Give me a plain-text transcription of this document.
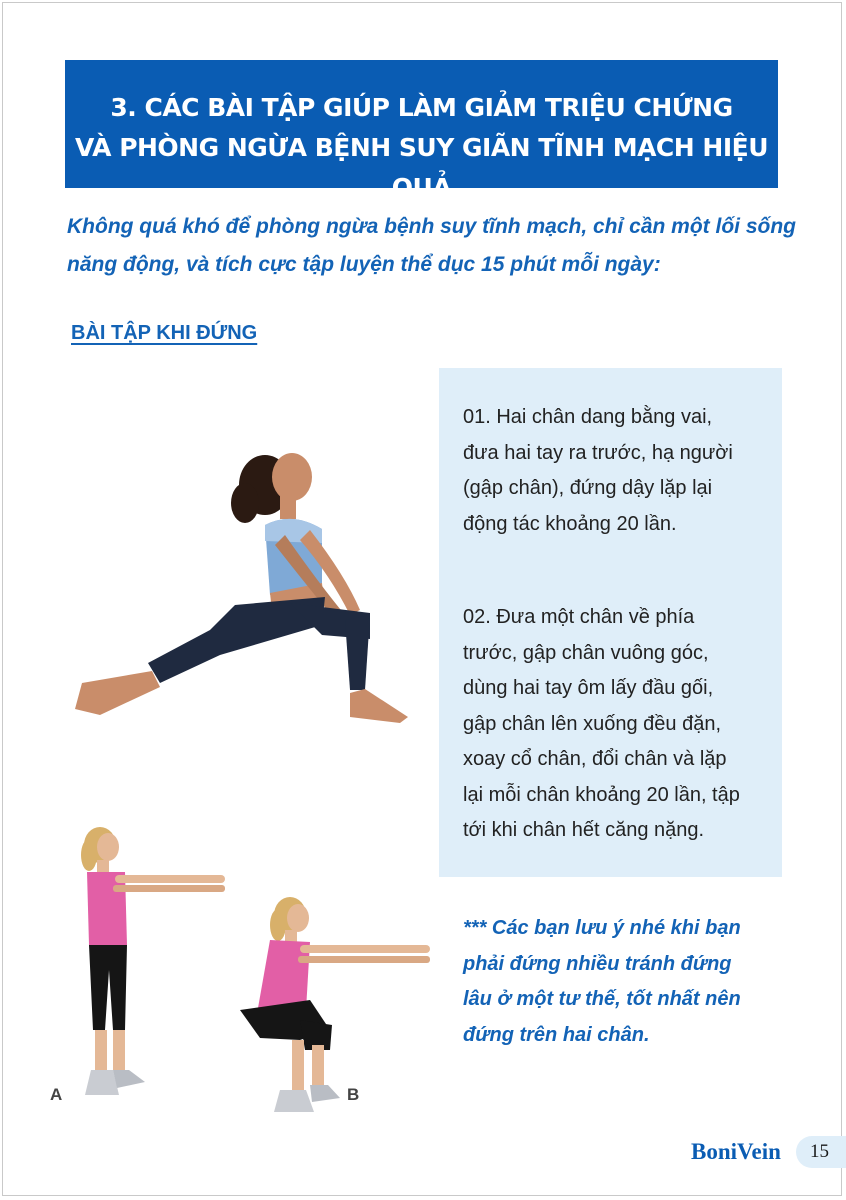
3. CÁC BÀI TẬP GIÚP LÀM GIẢM TRIỆU CHỨNG
VÀ PHÒNG NGỪA BỆNH SUY GIÃN TĨNH MẠCH HIỆU QUẢ
Không quá khó để phòng ngừa bệnh suy tĩnh mạch, chỉ cần một lối sống
năng động, và tích cực tập luyện thể dục 15 phút mỗi ngày:
BÀI TẬP KHI ĐỨNG
01. Hai chân dang bằng vai,
đưa hai tay ra trước, hạ người
(gập chân), đứng dậy lặp lại
động tác khoảng 20 lần.
02. Đưa một chân về phía
trước, gập chân vuông góc,
dùng hai tay ôm lấy đầu gối,
gập chân lên xuống đều đặn,
xoay cổ chân, đổi chân và lặp
lại mỗi chân khoảng 20 lần, tập
tới khi chân hết căng nặng.
*** Các bạn lưu ý nhé khi bạn
phải đứng nhiều tránh đứng
lâu ở một tư thế, tốt nhất nên
đứng trên hai chân.
A	B
BoniVein	15
